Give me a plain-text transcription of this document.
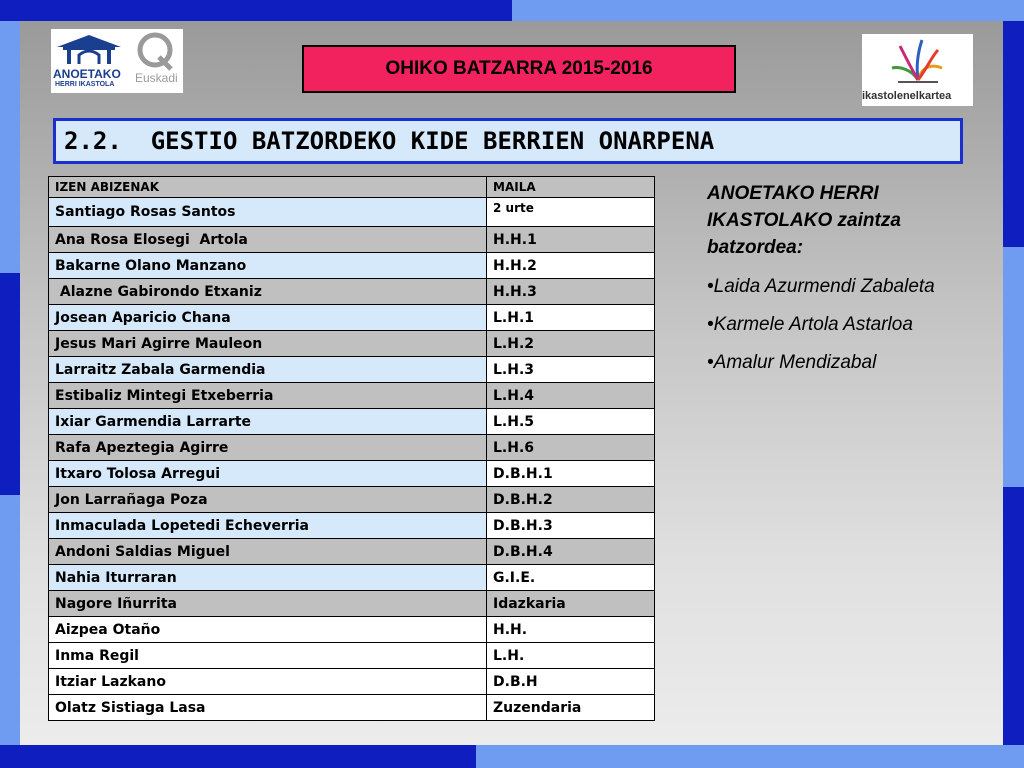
ANOETAKO
HERRI IKASTOLA Euskadi
ikastolenelkartea
OHIKO BATZARRA 2015-2016
2.2.  GESTIO BATZORDEKO KIDE BERRIEN ONARPENA
IZEN ABIZENAK	MAILA
Santiago Rosas Santos	2 urte
Ana Rosa Elosegi  Artola	H.H.1
Bakarne Olano Manzano	H.H.2
Alazne Gabirondo Etxaniz	H.H.3
Josean Aparicio Chana	L.H.1
Jesus Mari Agirre Mauleon	L.H.2
Larraitz Zabala Garmendia	L.H.3
Estibaliz Mintegi Etxeberria	L.H.4
Ixiar Garmendia Larrarte	L.H.5
Rafa Apeztegia Agirre	L.H.6
Itxaro Tolosa Arregui	D.B.H.1
Jon Larrañaga Poza	D.B.H.2
Inmaculada Lopetedi Echeverria	D.B.H.3
Andoni Saldias Miguel	D.B.H.4
Nahia Iturraran	G.I.E.
Nagore Iñurrita	Idazkaria
Aizpea Otaño	H.H.
Inma Regil	L.H.
Itziar Lazkano	D.B.H
Olatz Sistiaga Lasa	Zuzendaria
ANOETAKO HERRI IKASTOLAKO zaintza batzordea:
•Laida Azurmendi Zabaleta
•Karmele Artola Astarloa
•Amalur Mendizabal
